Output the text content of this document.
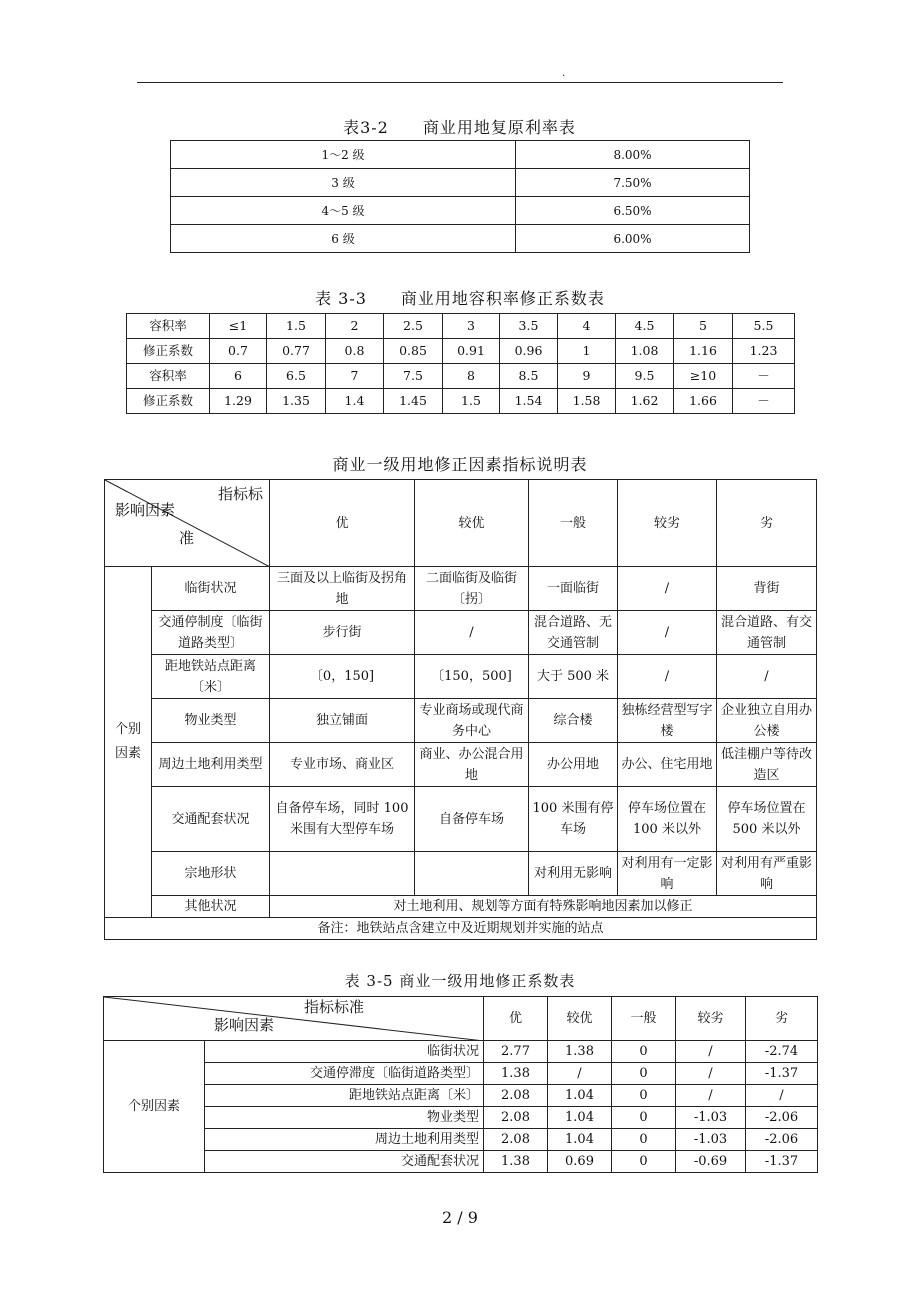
.
表3-2 商业用地复原利率表
1～2 级	8.00%
3 级	7.50%
4～5 级	6.50%
6 级	6.00%
表 3-3 商业用地容积率修正系数表
容积率	≤1	1.5	2	2.5	3	3.5	4	4.5	5	5.5
修正系数	0.7	0.77	0.8	0.85	0.91	0.96	1	1.08	1.16	1.23
容积率	6	6.5	7	7.5	8	8.5	9	9.5	≥10	－
修正系数	1.29	1.35	1.4	1.45	1.5	1.54	1.58	1.62	1.66	－
商业一级用地修正因素指标说明表
指标标
影响因素
准		优	较优	一般	较劣	劣
个别因素	临街状况	三面及以上临街及拐角地	二面临街及临街〔拐〕	一面临街	/	背街
	交通停制度〔临街道路类型〕	步行街	/	混合道路、无交通管制	/	混合道路、有交通管制
	距地铁站点距离〔米〕	〔0，150]	〔150，500]	大于 500 米	/	/
	物业类型	独立铺面	专业商场或现代商务中心	综合楼	独栋经营型写字楼	企业独立自用办公楼
	周边土地利用类型	专业市场、商业区	商业、办公混合用地	办公用地	办公、住宅用地	低洼棚户等待改造区
	交通配套状况	自备停车场，同时 100 米围有大型停车场	自备停车场	100 米围有停车场	停车场位置在 100 米以外	停车场位置在 500 米以外
	宗地形状			对利用无影响	对利用有一定影响	对利用有严重影响
	其他状况	对土地利用、规划等方面有特殊影响地因素加以修正				
备注：地铁站点含建立中及近期规划并实施的站点						
表 3-5 商业一级用地修正系数表
指标标准
影响因素		优	较优	一般	较劣	劣
个别因素	临街状况	2.77	1.38	0	/	-2.74
	交通停滞度〔临街道路类型〕	1.38	/	0	/	-1.37
	距地铁站点距离〔米〕	2.08	1.04	0	/	/
	物业类型	2.08	1.04	0	-1.03	-2.06
	周边土地利用类型	2.08	1.04	0	-1.03	-2.06
	交通配套状况	1.38	0.69	0	-0.69	-1.37
2 / 9
